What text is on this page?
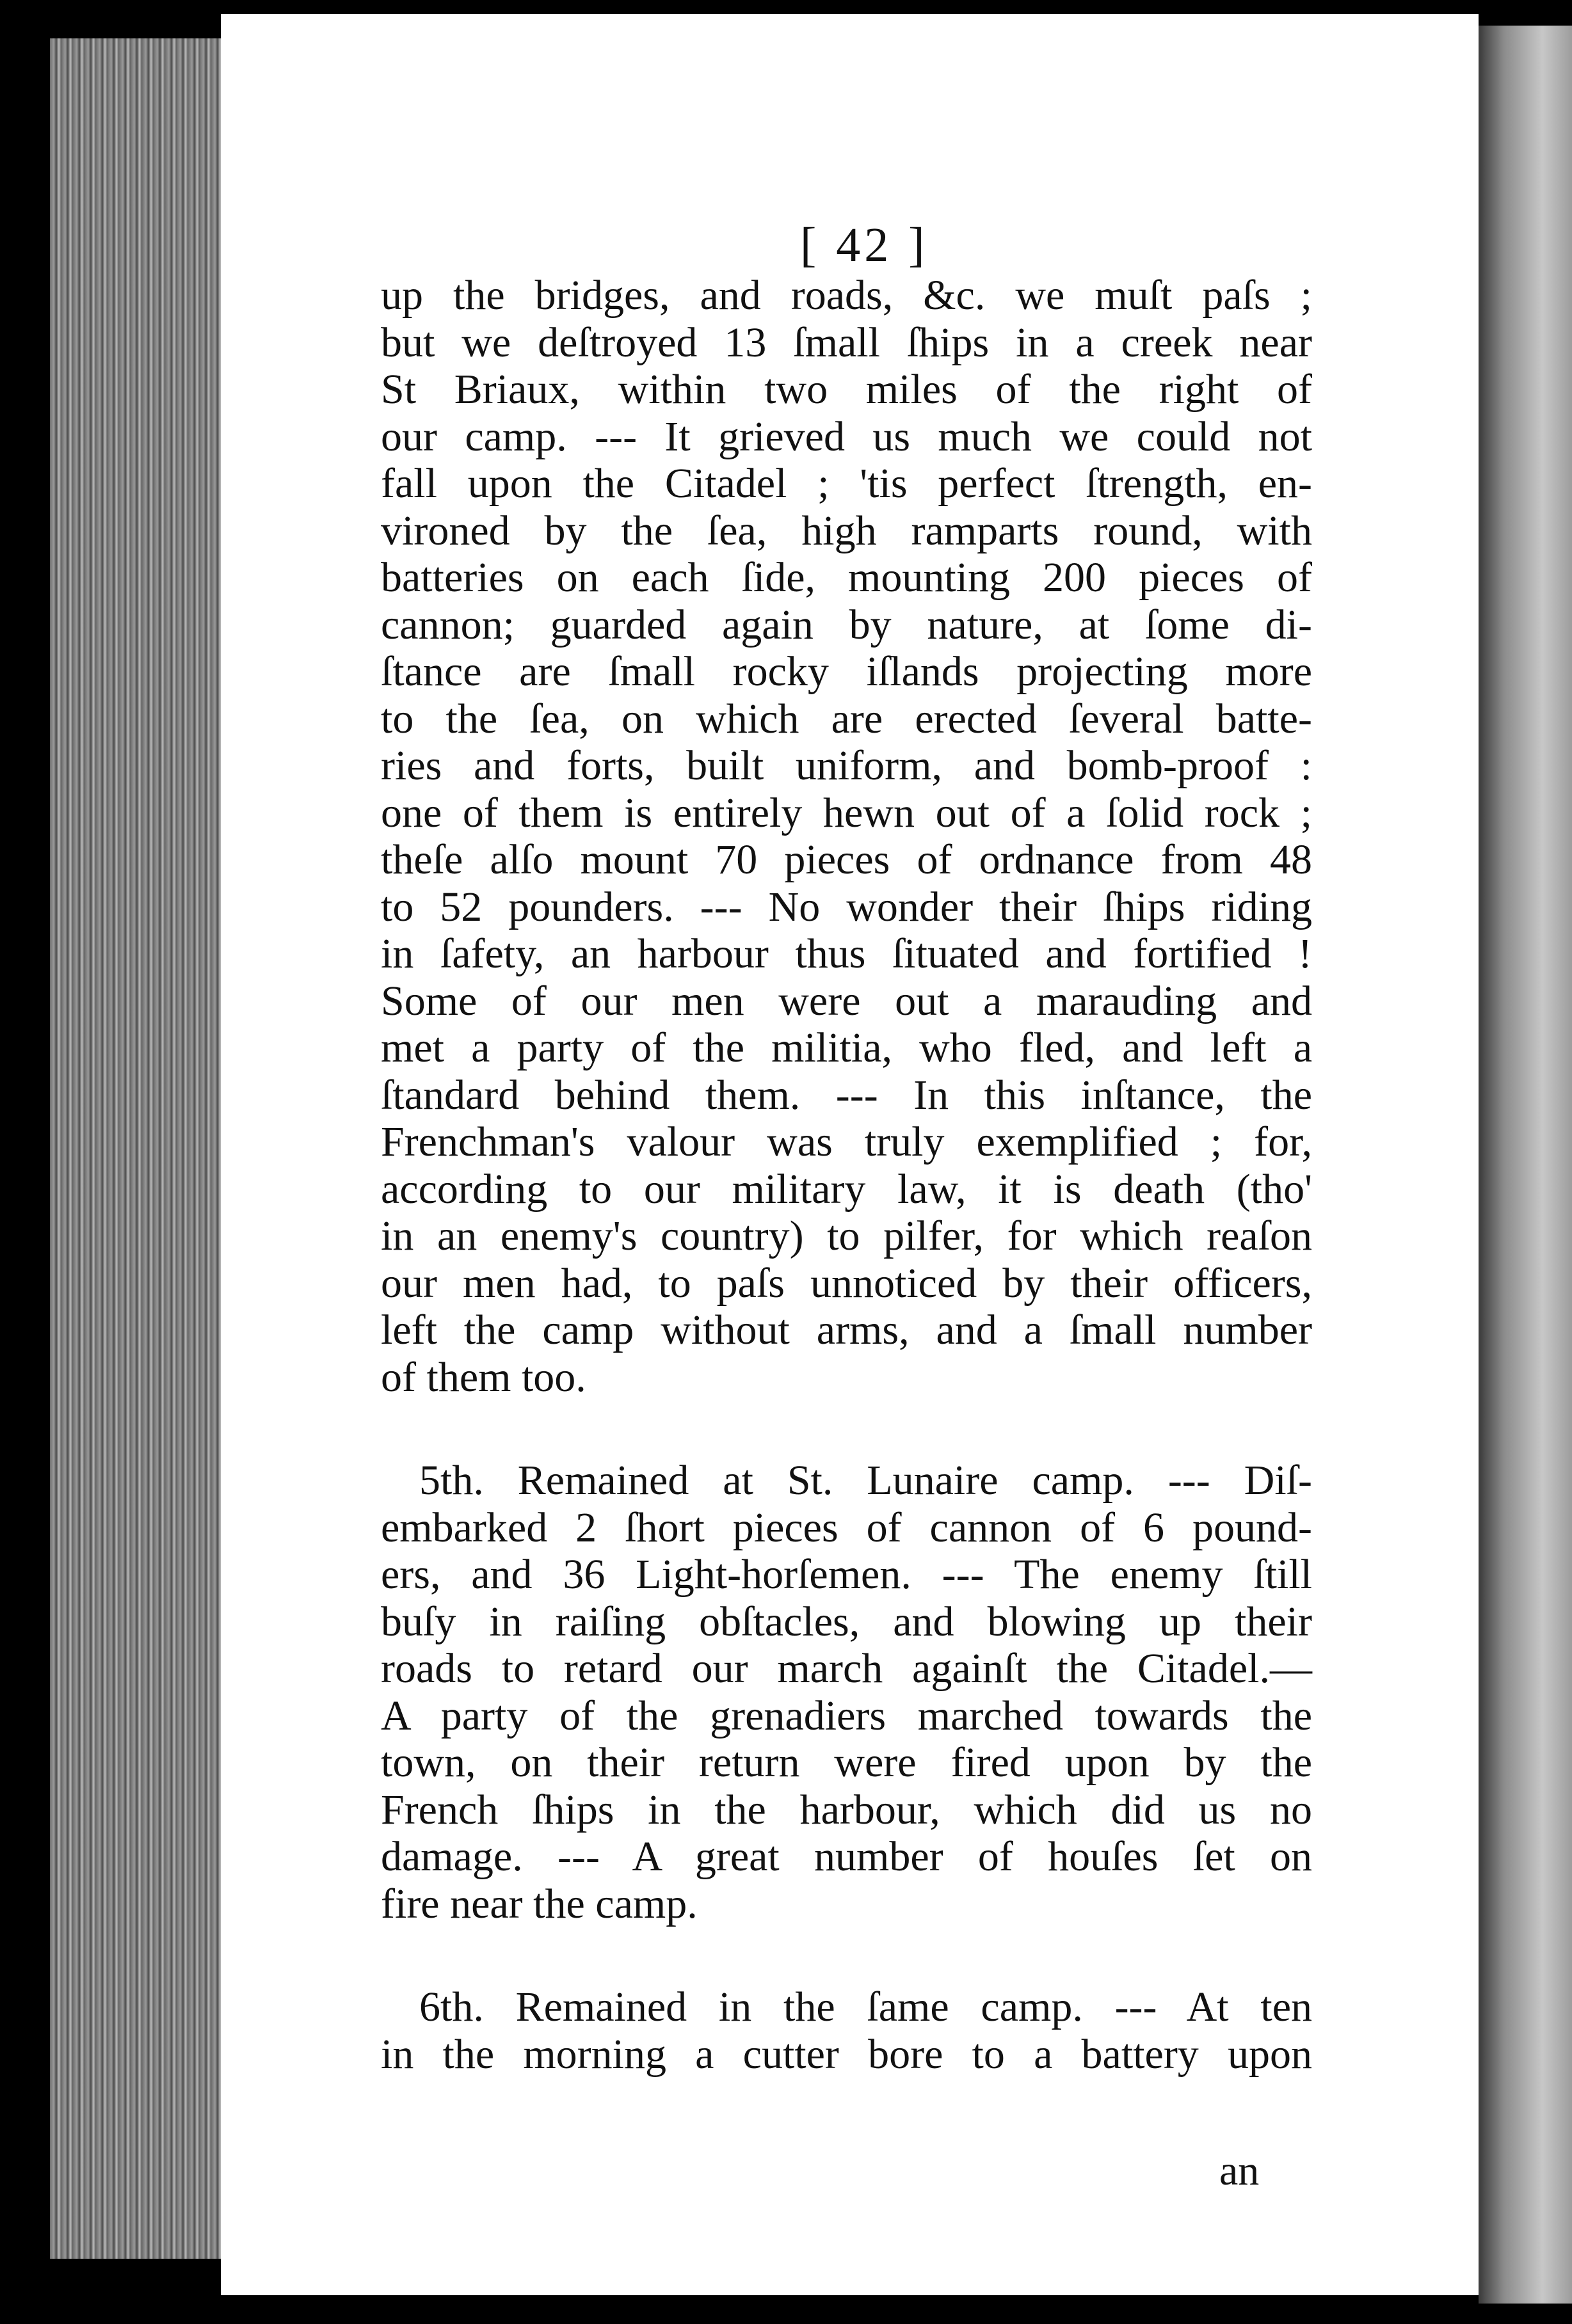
[ 42 ]
up the bridges, and roads, &c. we muſt paſs ;
but we deſtroyed 13 ſmall ſhips in a creek near
St Briaux, within two miles of the right of
our camp. --- It grieved us much we could not
fall upon the Citadel ; 'tis perfect ſtrength, en-
vironed by the ſea, high ramparts round, with
batteries on each ſide, mounting 200 pieces of
cannon; guarded again by nature, at ſome di-
ſtance are ſmall rocky iſlands projecting more
to the ſea, on which are erected ſeveral batte-
ries and forts, built uniform, and bomb-proof :
one of them is entirely hewn out of a ſolid rock ;
theſe alſo mount 70 pieces of ordnance from 48
to 52 pounders. --- No wonder their ſhips riding
in ſafety, an harbour thus ſituated and fortified !
Some of our men were out a marauding and
met a party of the militia, who fled, and left a
ſtandard behind them. --- In this inſtance, the
Frenchman's valour was truly exemplified ; for,
according to our military law, it is death (tho'
in an enemy's country) to pilfer, for which reaſon
our men had, to paſs unnoticed by their officers,
left the camp without arms, and a ſmall number
of them too.
5th. Remained at St. Lunaire camp. --- Diſ-
embarked 2 ſhort pieces of cannon of 6 pound-
ers, and 36 Light-horſemen. --- The enemy ſtill
buſy in raiſing obſtacles, and blowing up their
roads to retard our march againſt the Citadel.—
A party of the grenadiers marched towards the
town, on their return were fired upon by the
French ſhips in the harbour, which did us no
damage. --- A great number of houſes ſet on
fire near the camp.
6th. Remained in the ſame camp. --- At ten
in the morning a cutter bore to a battery upon
an
